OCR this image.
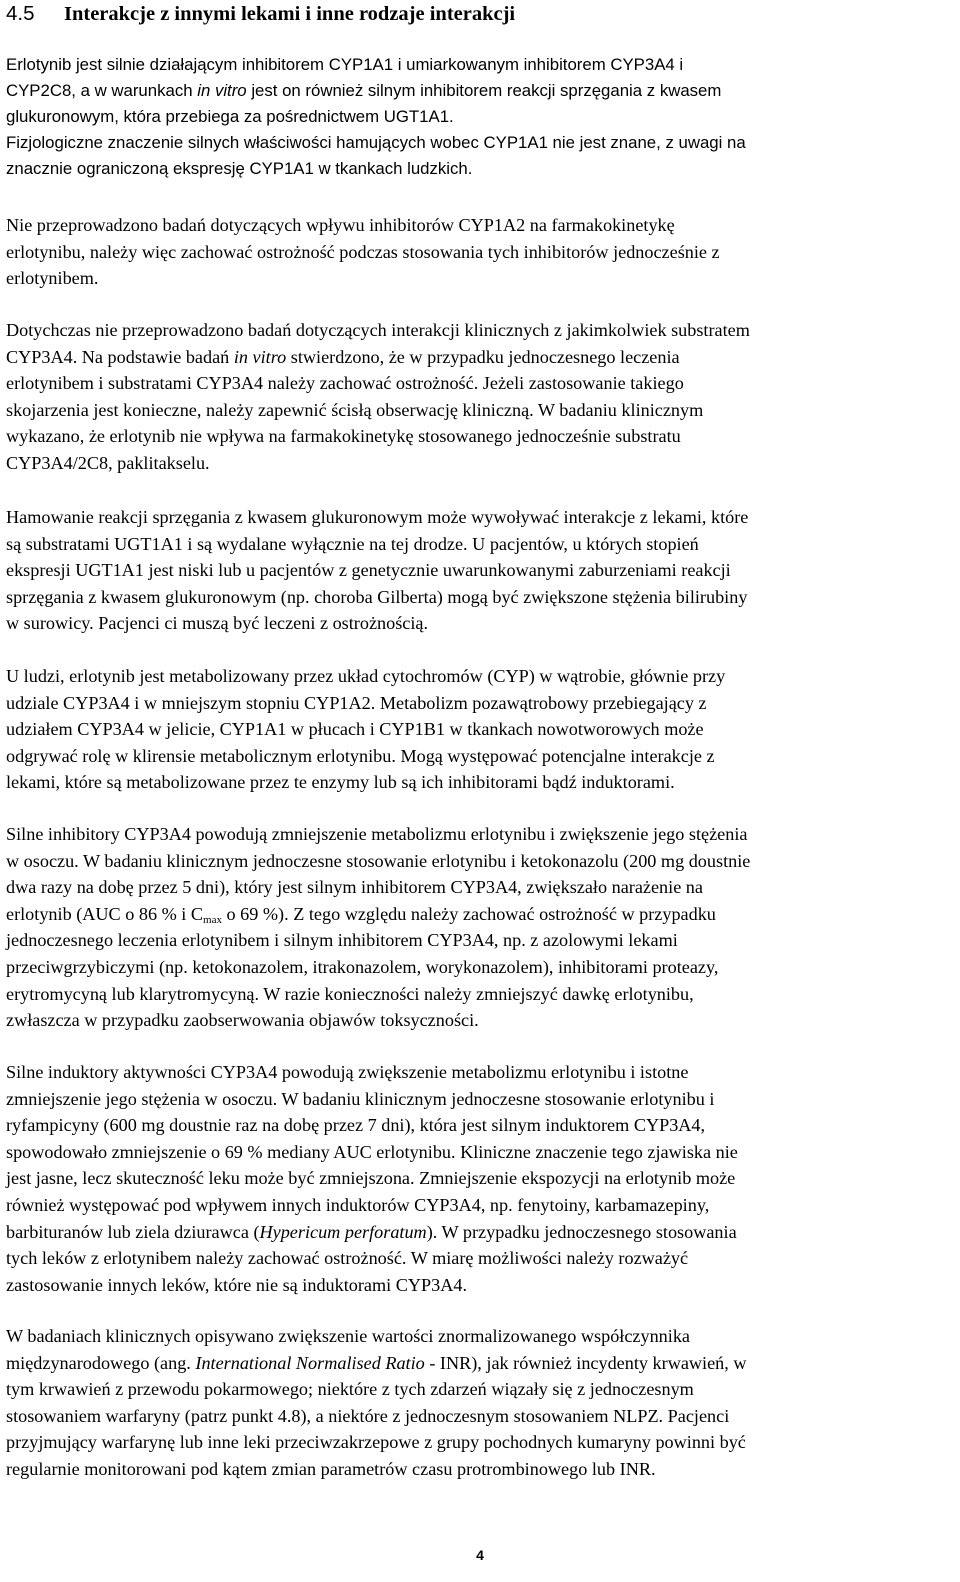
4.5 Interakcje z innymi lekami i inne rodzaje interakcji

Erlotynib jest silnie działającym inhibitorem CYP1A1 i umiarkowanym inhibitorem CYP3A4 i
CYP2C8, a w warunkach in vitro jest on również silnym inhibitorem reakcji sprzęgania z kwasem
glukuronowym, która przebiega za pośrednictwem UGT1A1.
Fizjologiczne znaczenie silnych właściwości hamujących wobec CYP1A1 nie jest znane, z uwagi na
znacznie ograniczoną ekspresję CYP1A1 w tkankach ludzkich.

Nie przeprowadzono badań dotyczących wpływu inhibitorów CYP1A2 na farmakokinetykę
erlotynibu, należy więc zachować ostrożność podczas stosowania tych inhibitorów jednocześnie z
erlotynibem.

Dotychczas nie przeprowadzono badań dotyczących interakcji klinicznych z jakimkolwiek substratem
CYP3A4. Na podstawie badań in vitro stwierdzono, że w przypadku jednoczesnego leczenia
erlotynibem i substratami CYP3A4 należy zachować ostrożność. Jeżeli zastosowanie takiego
skojarzenia jest konieczne, należy zapewnić ścisłą obserwację kliniczną. W badaniu klinicznym
wykazano, że erlotynib nie wpływa na farmakokinetykę stosowanego jednocześnie substratu
CYP3A4/2C8, paklitakselu.

Hamowanie reakcji sprzęgania z kwasem glukuronowym może wywoływać interakcje z lekami, które
są substratami UGT1A1 i są wydalane wyłącznie na tej drodze. U pacjentów, u których stopień
ekspresji UGT1A1 jest niski lub u pacjentów z genetycznie uwarunkowanymi zaburzeniami reakcji
sprzęgania z kwasem glukuronowym (np. choroba Gilberta) mogą być zwiększone stężenia bilirubiny
w surowicy. Pacjenci ci muszą być leczeni z ostrożnością.

U ludzi, erlotynib jest metabolizowany przez układ cytochromów (CYP) w wątrobie, głównie przy
udziale CYP3A4 i w mniejszym stopniu CYP1A2. Metabolizm pozawątrobowy przebiegający z
udziałem CYP3A4 w jelicie, CYP1A1 w płucach i CYP1B1 w tkankach nowotworowych może
odgrywać rolę w klirensie metabolicznym erlotynibu. Mogą występować potencjalne interakcje z
lekami, które są metabolizowane przez te enzymy lub są ich inhibitorami bądź induktorami.

Silne inhibitory CYP3A4 powodują zmniejszenie metabolizmu erlotynibu i zwiększenie jego stężenia
w osoczu. W badaniu klinicznym jednoczesne stosowanie erlotynibu i ketokonazolu (200 mg doustnie
dwa razy na dobę przez 5 dni), który jest silnym inhibitorem CYP3A4, zwiększało narażenie na
erlotynib (AUC o 86 % i $C_{max}$ o 69 %). Z tego względu należy zachować ostrożność w przypadku
jednoczesnego leczenia erlotynibem i silnym inhibitorem CYP3A4, np. z azolowymi lekami
przeciwgrzybiczymi (np. ketokonazolem, itrakonazolem, worykonazolem), inhibitorami proteazy,
erytromycyną lub klarytromycyną. W razie konieczności należy zmniejszyć dawkę erlotynibu,
zwłaszcza w przypadku zaobserwowania objawów toksyczności.

Silne induktory aktywności CYP3A4 powodują zwiększenie metabolizmu erlotynibu i istotne
zmniejszenie jego stężenia w osoczu. W badaniu klinicznym jednoczesne stosowanie erlotynibu i
ryfampicyny (600 mg doustnie raz na dobę przez 7 dni), która jest silnym induktorem CYP3A4,
spowodowało zmniejszenie o 69 % mediany AUC erlotynibu. Kliniczne znaczenie tego zjawiska nie
jest jasne, lecz skuteczność leku może być zmniejszona. Zmniejszenie ekspozycji na erlotynib może
również występować pod wpływem innych induktorów CYP3A4, np. fenytoiny, karbamazepiny,
barbituranów lub ziela dziurawca (Hypericum perforatum). W przypadku jednoczesnego stosowania
tych leków z erlotynibem należy zachować ostrożność. W miarę możliwości należy rozważyć
zastosowanie innych leków, które nie są induktorami CYP3A4.

W badaniach klinicznych opisywano zwiększenie wartości znormalizowanego współczynnika
międzynarodowego (ang. International Normalised Ratio - INR), jak również incydenty krwawień, w
tym krwawień z przewodu pokarmowego; niektóre z tych zdarzeń wiązały się z jednoczesnym
stosowaniem warfaryny (patrz punkt 4.8), a niektóre z jednoczesnym stosowaniem NLPZ. Pacjenci
przyjmujący warfarynę lub inne leki przeciwzakrzepowe z grupy pochodnych kumaryny powinni być
regularnie monitorowani pod kątem zmian parametrów czasu protrombinowego lub INR.

4
